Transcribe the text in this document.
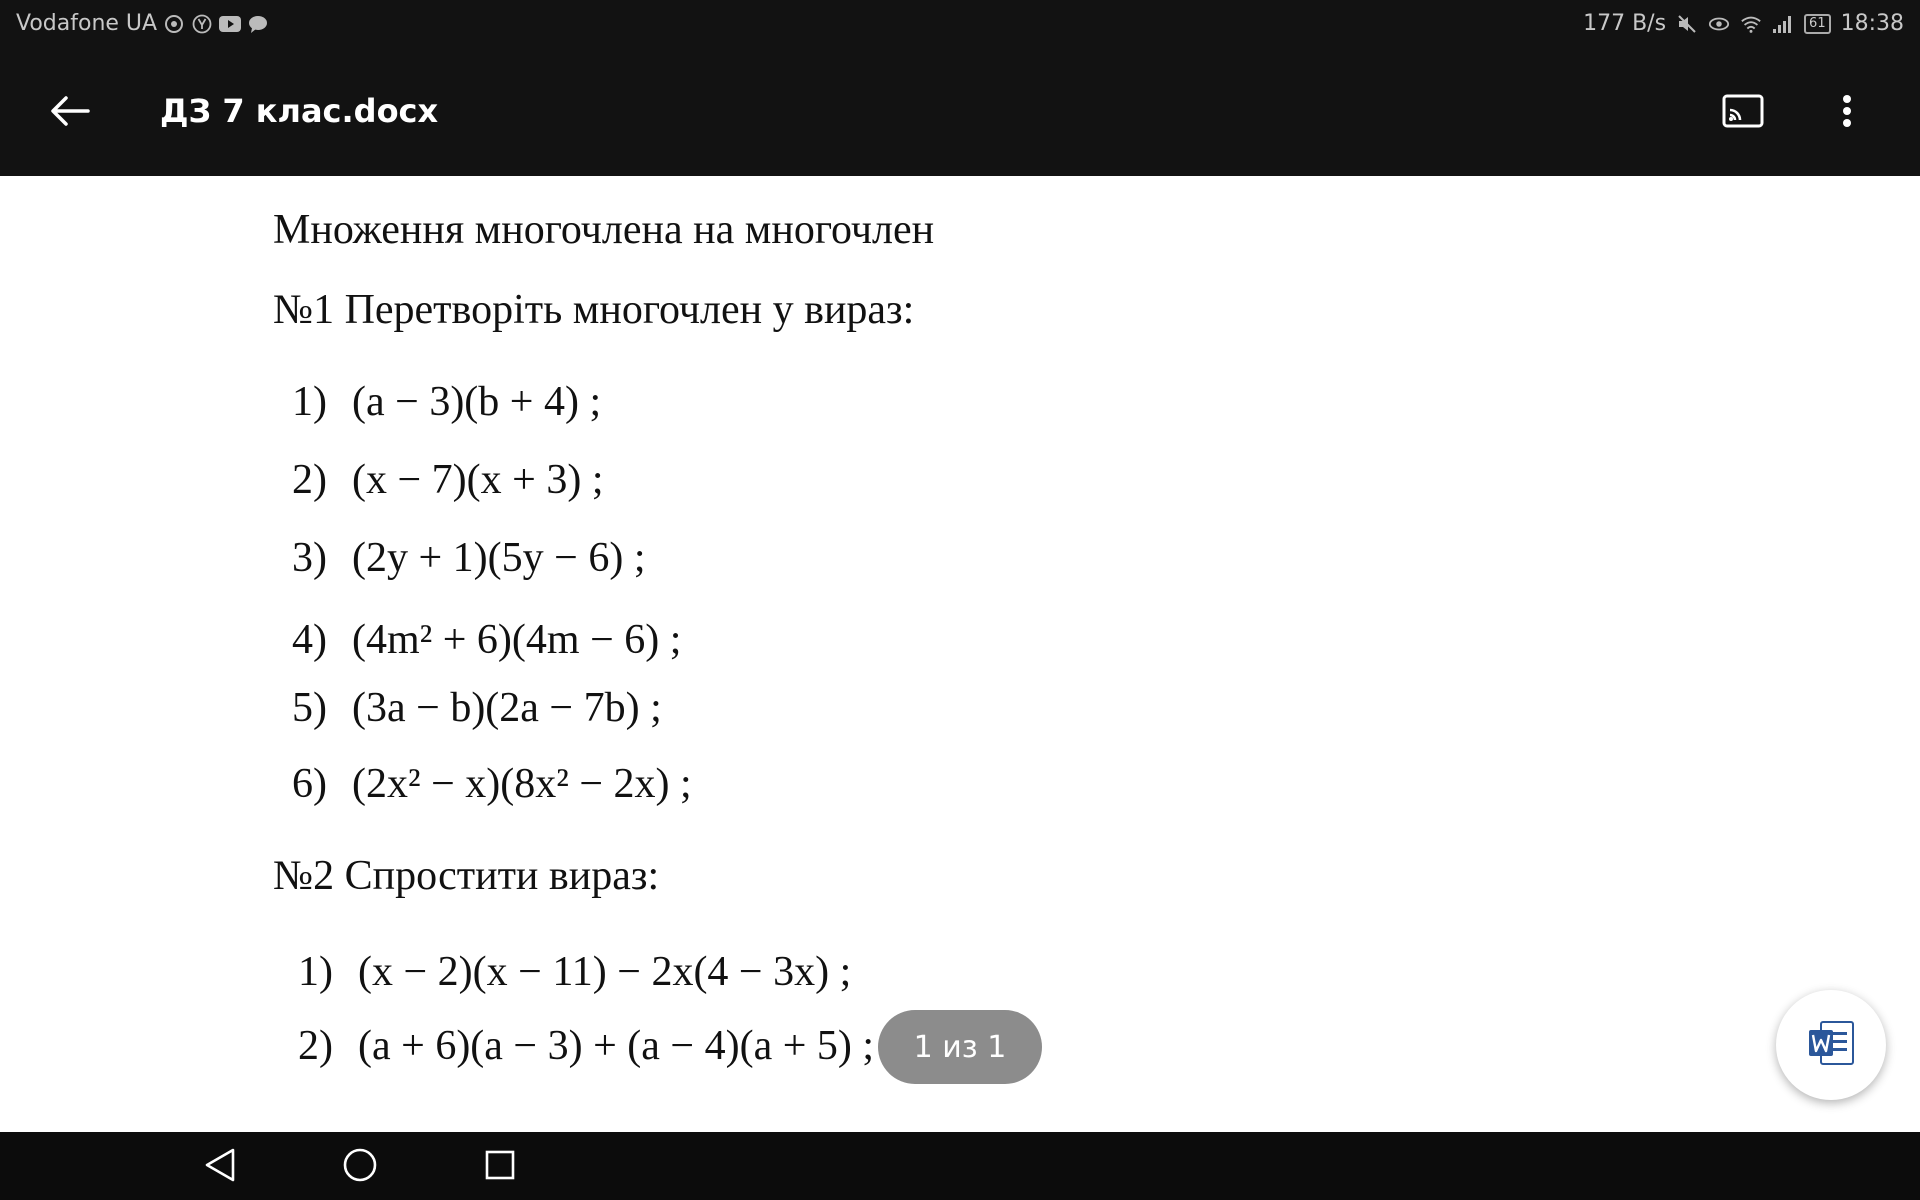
Vodafone UA	177 B/s	61 18:38
ДЗ 7 клас.docx
Множення многочлена на многочлен
№1 Перетворіть многочлен у вираз:
1) (a − 3)(b + 4) ;
2) (x − 7)(x + 3) ;
3) (2y + 1)(5y − 6) ;
4) (4m² + 6)(4m − 6) ;
5) (3a − b)(2a − 7b) ;
6) (2x² − x)(8x² − 2x) ;
№2 Спростити вираз:
1) (x − 2)(x − 11) − 2x(4 − 3x) ;
2) (a + 6)(a − 3) + (a − 4)(a + 5) ;	1 из 1
